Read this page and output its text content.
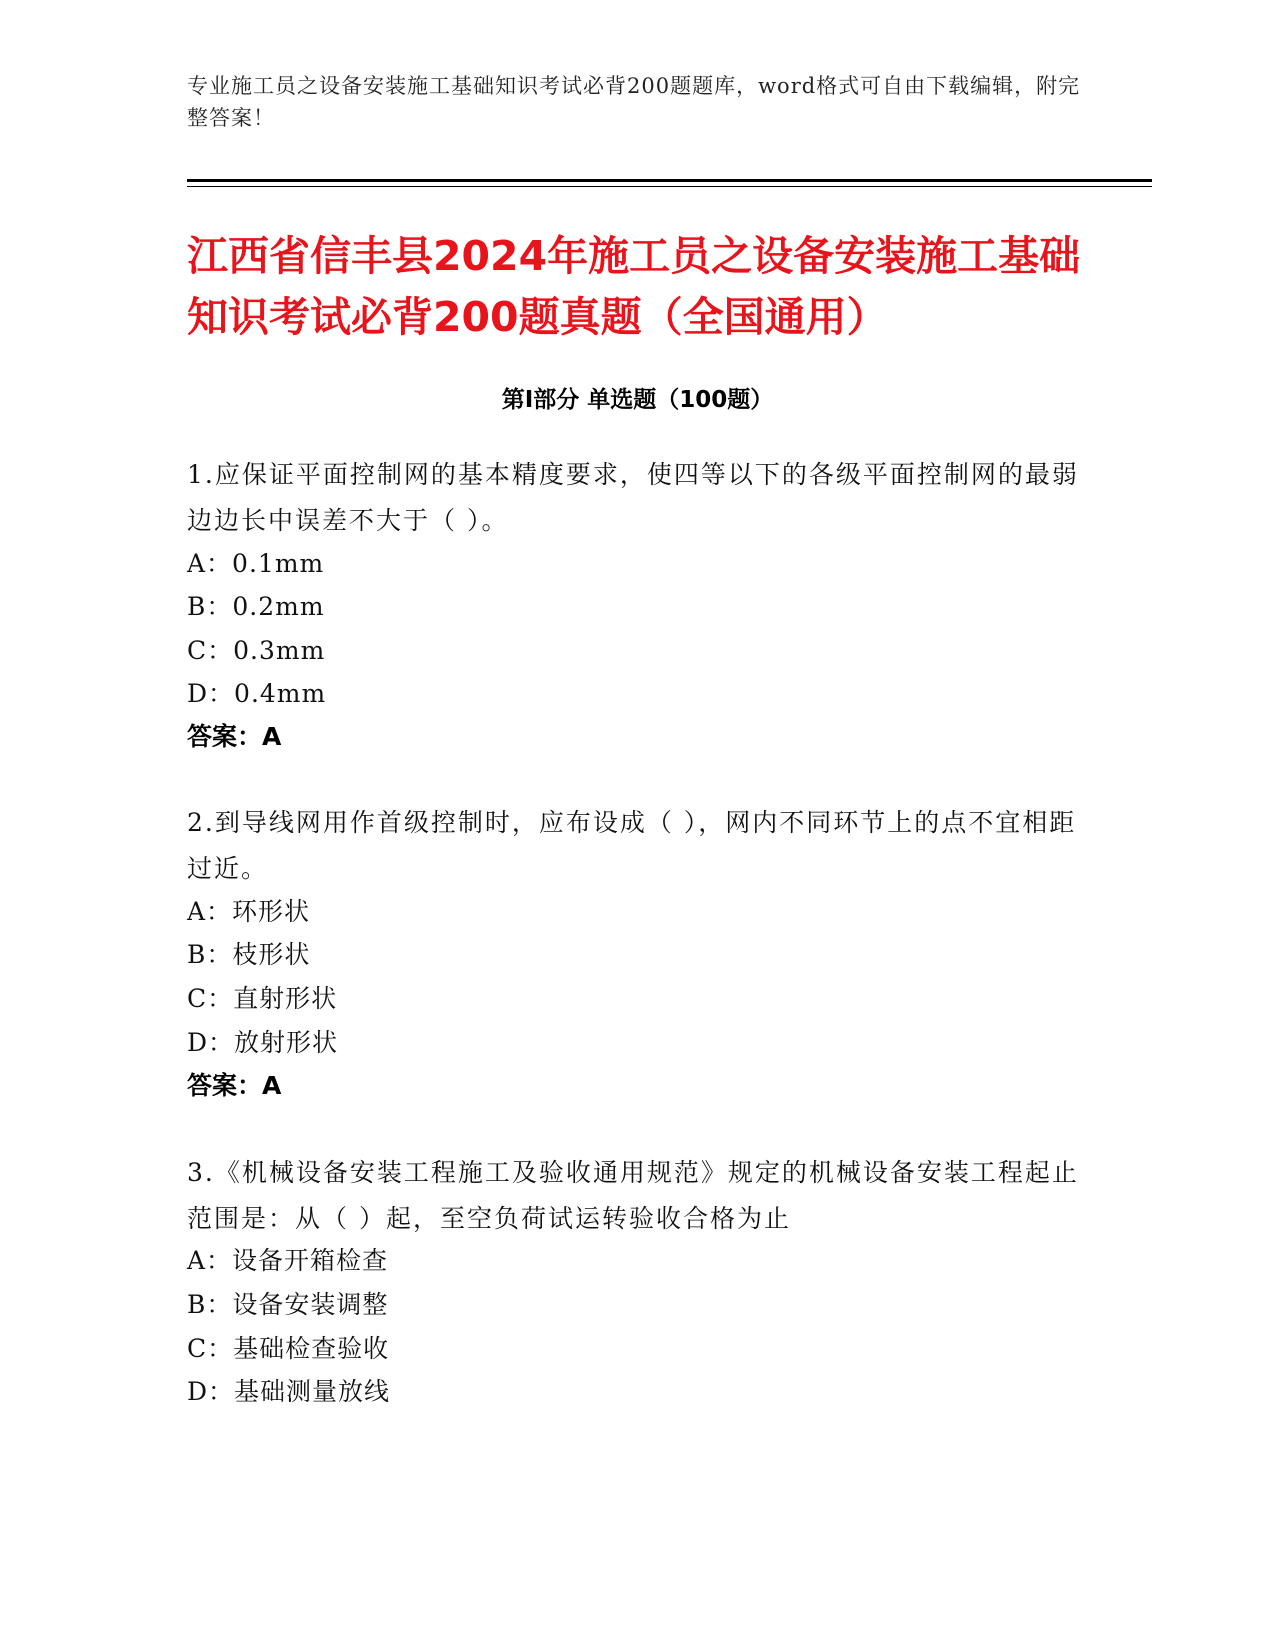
专业施工员之设备安装施工基础知识考试必背200题题库，word格式可自由下载编辑，附完整答案！
江西省信丰县2024年施工员之设备安装施工基础知识考试必背200题真题（全国通用）
第Ⅰ部分 单选题（100题）
1.应保证平面控制网的基本精度要求，使四等以下的各级平面控制网的最弱边边长中误差不大于（ ）。
A：0.1mm
B：0.2mm
C：0.3mm
D：0.4mm
答案：A
2.到导线网用作首级控制时，应布设成（ ），网内不同环节上的点不宜相距过近。
A：环形状
B：枝形状
C：直射形状
D：放射形状
答案：A
3.《机械设备安装工程施工及验收通用规范》规定的机械设备安装工程起止范围是：从（ ）起，至空负荷试运转验收合格为止
A：设备开箱检查
B：设备安装调整
C：基础检查验收
D：基础测量放线
